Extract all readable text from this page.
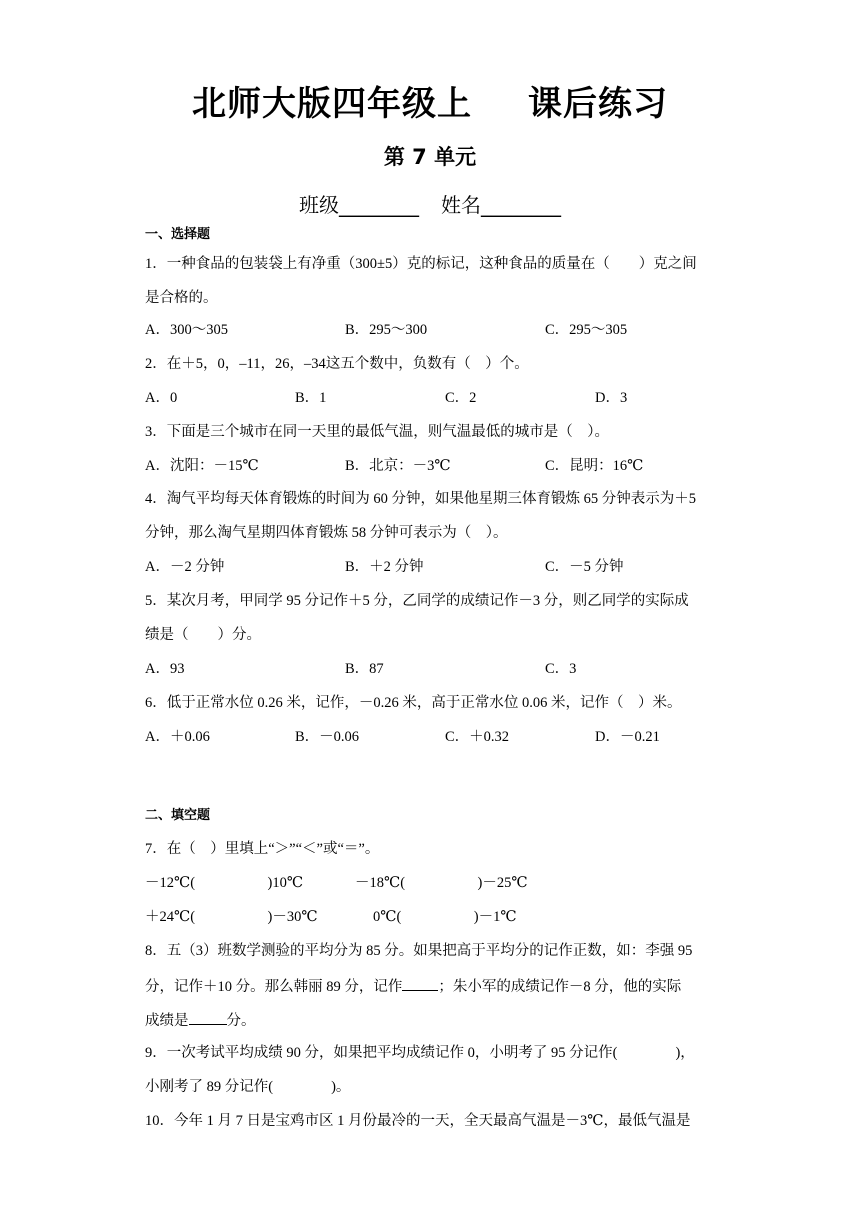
北师大版四年级上 课后练习
第 7 单元
班级________ 姓名________
一、选择题
1．一种食品的包装袋上有净重（300±5）克的标记，这种食品的质量在（　　）克之间
是合格的。
A．300～305	B．295～300	C．295～305
2．在＋5，0，–11，26，–34这五个数中，负数有（　）个。
A．0	B．1	C．2	D．3
3．下面是三个城市在同一天里的最低气温，则气温最低的城市是（　）。
A．沈阳：－15℃	B．北京：－3℃	C．昆明：16℃
4．淘气平均每天体育锻炼的时间为 60 分钟，如果他星期三体育锻炼 65 分钟表示为＋5
分钟，那么淘气星期四体育锻炼 58 分钟可表示为（　）。
A．－2 分钟	B．＋2 分钟	C．－5 分钟
5．某次月考，甲同学 95 分记作＋5 分，乙同学的成绩记作－3 分，则乙同学的实际成
绩是（　　）分。
A．93	B．87	C．3
6．低于正常水位 0.26 米，记作，－0.26 米，高于正常水位 0.06 米，记作（　）米。
A．＋0.06	B．－0.06	C．＋0.32	D．－0.21
二、填空题
7．在（　）里填上“＞”“＜”或“＝”。
－12℃(　　　　　)10℃	－18℃(　　　　　)－25℃
＋24℃(　　　　　)－30℃	0℃(　　　　　)－1℃
8．五（3）班数学测验的平均分为 85 分。如果把高于平均分的记作正数，如：李强 95
分，记作＋10 分。那么韩丽 89 分，记作 ；朱小军的成绩记作－8 分，他的实际
成绩是	分。
9．一次考试平均成绩 90 分，如果把平均成绩记作 0，小明考了 95 分记作(　　　　)，
小刚考了 89 分记作(　　　　)。
10．今年 1 月 7 日是宝鸡市区 1 月份最冷的一天，全天最高气温是－3℃，最低气温是
